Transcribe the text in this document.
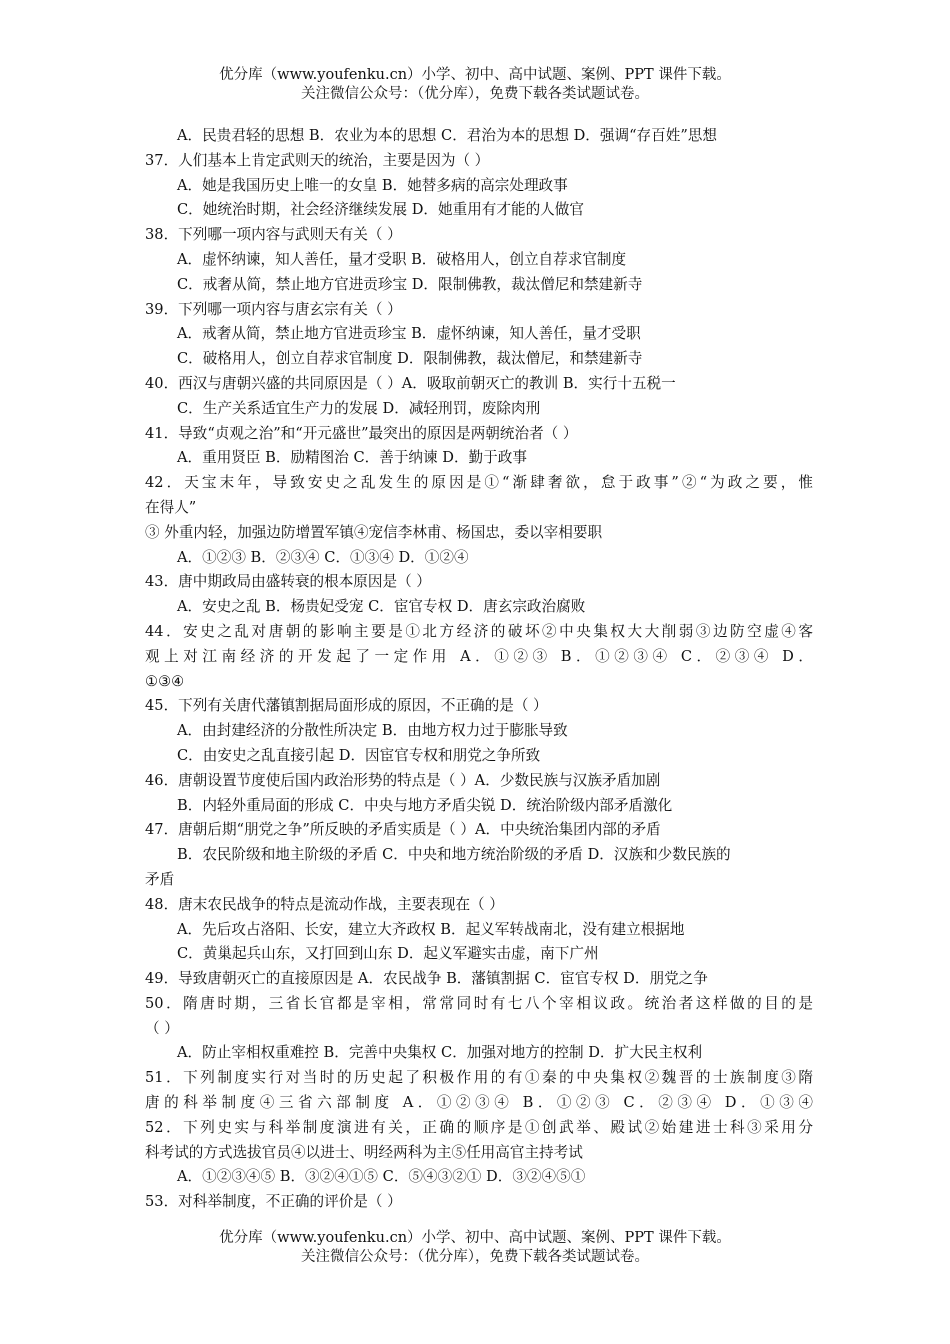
优分库（www.youfenku.cn）小学、初中、高中试题、案例、PPT 课件下载。
关注微信公众号：（优分库），免费下载各类试题试卷。
A．民贵君轻的思想 B．农业为本的思想 C．君治为本的思想 D．强调“存百姓”思想
37．人们基本上肯定武则天的统治，主要是因为（ ）
A．她是我国历史上唯一的女皇 B．她替多病的高宗处理政事
C．她统治时期，社会经济继续发展 D．她重用有才能的人做官
38．下列哪一项内容与武则天有关（ ）
A．虚怀纳谏，知人善任，量才受职 B．破格用人，创立自荐求官制度
C．戒奢从简，禁止地方官进贡珍宝 D．限制佛教，裁汰僧尼和禁建新寺
39．下列哪一项内容与唐玄宗有关（ ）
A．戒奢从简，禁止地方官进贡珍宝 B．虚怀纳谏，知人善任，量才受职
C．破格用人，创立自荐求官制度 D．限制佛教，裁汰僧尼，和禁建新寺
40．西汉与唐朝兴盛的共同原因是（ ）A．吸取前朝灭亡的教训 B．实行十五税一
C．生产关系适宜生产力的发展 D．减轻刑罚，废除肉刑
41．导致“贞观之治”和“开元盛世”最突出的原因是两朝统治者（ ）
A．重用贤臣 B．励精图治 C．善于纳谏 D．勤于政事
42．天宝末年，导致安史之乱发生的原因是①“渐肆奢欲，怠于政事”②“为政之要，惟
在得人”
③ 外重内轻，加强边防增置军镇④宠信李林甫、杨国忠，委以宰相要职
A．①②③ B．②③④ C．①③④ D．①②④
43．唐中期政局由盛转衰的根本原因是（ ）
A．安史之乱 B．杨贵妃受宠 C．宦官专权 D．唐玄宗政治腐败
44．安史之乱对唐朝的影响主要是①北方经济的破坏②中央集权大大削弱③边防空虚④客
观上对江南经济的开发起了一定作用 A．①②③ B．①②③④ C．②③④ D．
①③④
45．下列有关唐代藩镇割据局面形成的原因，不正确的是（ ）
A．由封建经济的分散性所决定 B．由地方权力过于膨胀导致
C．由安史之乱直接引起 D．因宦官专权和朋党之争所致
46．唐朝设置节度使后国内政治形势的特点是（ ）A．少数民族与汉族矛盾加剧
B．内轻外重局面的形成 C．中央与地方矛盾尖锐 D．统治阶级内部矛盾激化
47．唐朝后期“朋党之争”所反映的矛盾实质是（ ）A．中央统治集团内部的矛盾
B．农民阶级和地主阶级的矛盾 C．中央和地方统治阶级的矛盾 D．汉族和少数民族的
矛盾
48．唐末农民战争的特点是流动作战，主要表现在（ ）
A．先后攻占洛阳、长安，建立大齐政权 B．起义军转战南北，没有建立根据地
C．黄巢起兵山东，又打回到山东 D．起义军避实击虚，南下广州
49．导致唐朝灭亡的直接原因是 A．农民战争 B．藩镇割据 C．宦官专权 D．朋党之争
50．隋唐时期，三省长官都是宰相，常常同时有七八个宰相议政。统治者这样做的目的是
（ ）
A．防止宰相权重难控 B．完善中央集权 C．加强对地方的控制 D．扩大民主权利
51．下列制度实行对当时的历史起了积极作用的有①秦的中央集权②魏晋的士族制度③隋
唐的科举制度④三省六部制度 A．①②③④ B．①②③ C．②③④ D．①③④
52．下列史实与科举制度演进有关，正确的顺序是①创武举、殿试②始建进士科③采用分
科考试的方式选拔官员④以进士、明经两科为主⑤任用高官主持考试
A．①②③④⑤ B．③②④①⑤ C．⑤④③②① D．③②④⑤①
53．对科举制度，不正确的评价是（ ）
优分库（www.youfenku.cn）小学、初中、高中试题、案例、PPT 课件下载。
关注微信公众号：（优分库），免费下载各类试题试卷。
